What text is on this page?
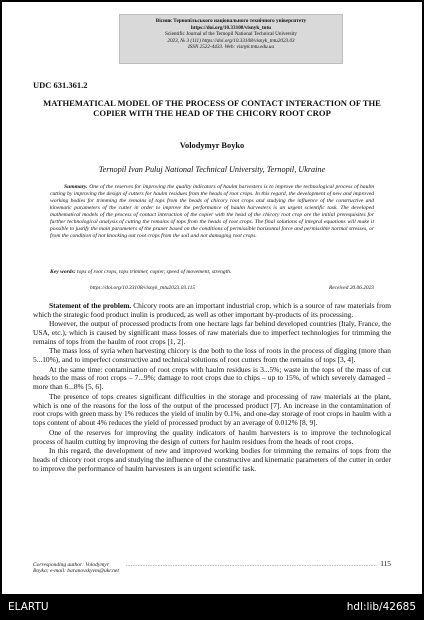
Вісник Тернопільського національного технічного університету
https://doi.org/10.33108/visnyk_tntu
Scientific Journal of the Ternopil National Technical University
2023, № 3 (111) https://doi.org/10.33108/visnyk_tntu2023.03
ISSN 2522-4433. Web: visnyk.tntu.edu.ua
UDC 631.361.2
MATHEMATICAL MODEL OF THE PROCESS OF CONTACT INTERACTION OF THE COPIER WITH THE HEAD OF THE CHICORY ROOT CROP
Volodymyr Boyko
Ternopil Ivan Puluj National Technical University, Ternopil, Ukraine
Summary. One of the reserves for improving the quality indicators of haulm harvesters is to improve the technological process of haulm cutting by improving the design of cutters for haulm residues from the heads of root crops. In this regard, the development of new and improved working bodies for trimming the remains of tops from the heads of chicory root crops and studying the influence of the constructive and kinematic parameters of the cutter in order to improve the performance of haulm harvesters is an urgent scientific task. The developed mathematical models of the process of contact interaction of the copier with the head of the chicory root crop are the initial prerequisites for further technological analysis of cutting the remains of tops from the heads of root crops. The final solutions of integral equations will make it possible to justify the main parameters of the pruner based on the conditions of permissible horizontal force and permissible normal stresses, or from the condition of not knocking out root crops from the soil and not damaging root crops.
Key words: tops of root crops, tops trimmer, copier, speed of movement, strength.
https://doi.org/10.33108/visnyk_tntu2023.03.115	Received 20.06.2023

Statement of the problem. Chicory roots are an important industrial crop, which is a source of raw materials from which the strategic food product inulin is produced, as well as other important by-products of its processing.

However, the output of processed products from one hectare lags far behind developed countries (Italy, France, the USA, etc.), which is caused by significant mass losses of raw materials due to imperfect technologies for trimming the remains of tops from the haulm of root crops [1, 2].

The mass loss of syria when harvesting chicory is due both to the loss of roots in the process of digging (more than 5...10%), and to imperfect constructive and technical solutions of root cutters from the remains of tops [3, 4].

At the same time: contamination of root crops with haulm residues is 3...5%; waste in the tops of the mass of cut heads to the mass of root crops – 7...9%; damage to root crops due to chips – up to 15%, of which severely damaged – more than 6...8% [5, 6].

The presence of tops creates significant difficulties in the storage and processing of raw materials at the plant, which is one of the reasons for the loss of the output of the processed product [7]. An increase in the contamination of root crops with green mass by 1% reduces the yield of inulin by 0.1%, and one-day storage of root crops in haulm with a tops content of about 4% reduces the yield of processed product by an average of 0.012% [8, 9].

One of the reserves for improving the quality indicators of haulm harvesters is to improve the technological process of haulm cutting by improving the design of cutters for haulm residues from the heads of root crops.

In this regard, the development of new and improved working bodies for trimming the remains of tops from the heads of chicory root crops and studying the influence of the constructive and kinematic parameters of the cutter in order to improve the performance of haulm harvesters is an urgent scientific task.

Corresponding author: Volodymyr Boyko; e-mail: baranovskyvm@ukr.net
...................................................................................................................................................... 115
ELARTU	hdl:lib/42685
